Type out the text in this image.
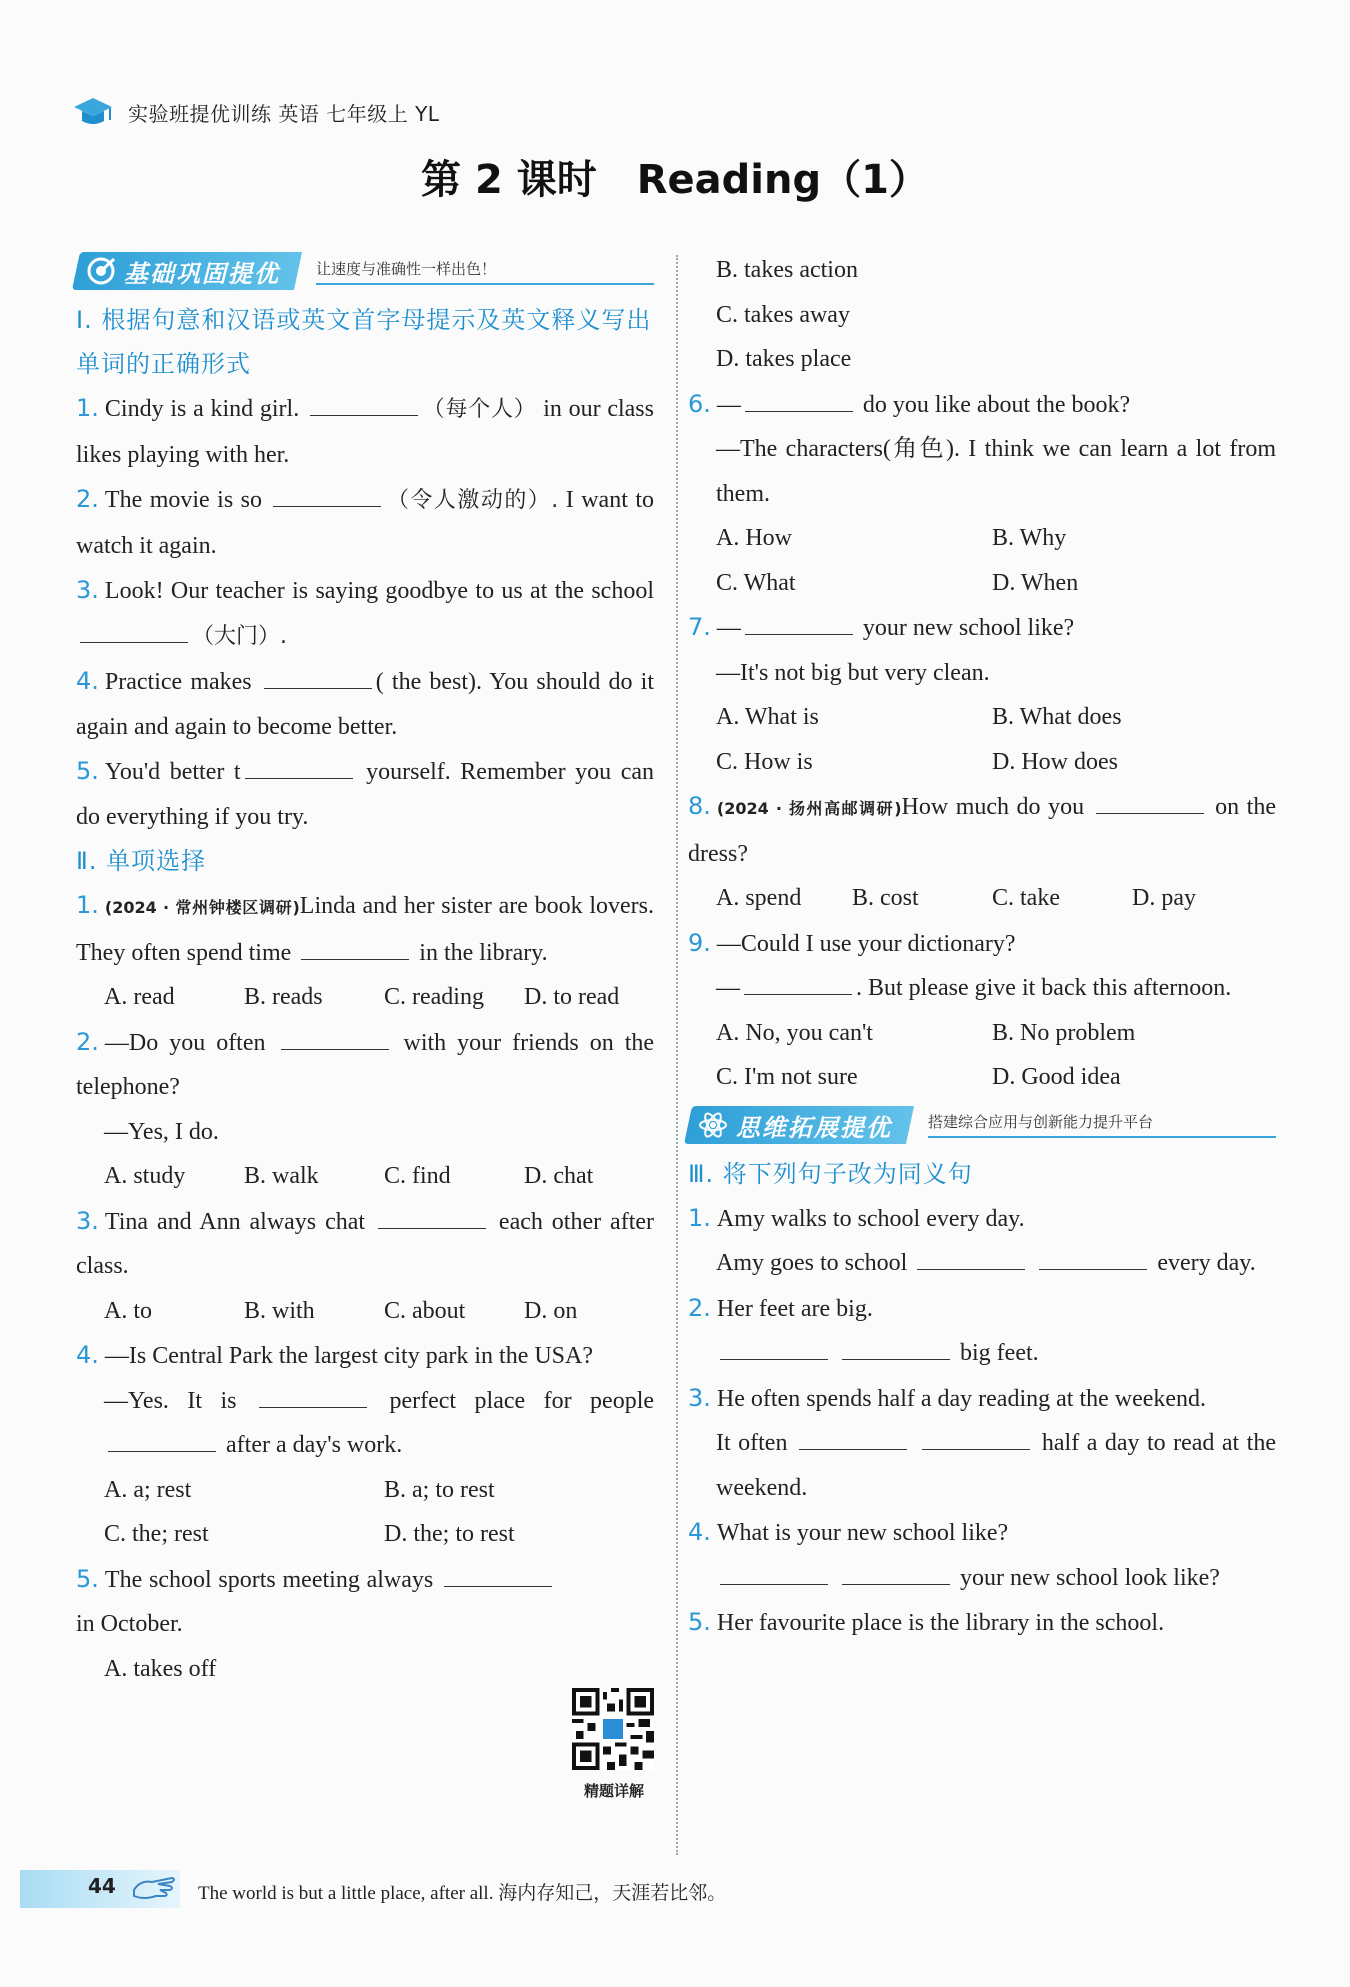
实验班提优训练 英语 七年级上 YL
第 2 课时　Reading（1）
基础巩固提优 让速度与准确性一样出色！
Ⅰ. 根据句意和汉语或英文首字母提示及英文释义写出单词的正确形式
1. Cindy is a kind girl.	（每个人） in our class likes playing with her.
2. The movie is so	（令人激动的）. I want to watch it again.
3. Look! Our teacher is saying goodbye to us at the school （大门）.
4. Practice makes	( the best). You should do it again and again to become better.
5. You'd better t	yourself. Remember you can do everything if you try.
Ⅱ. 单项选择
1. (2024 · 常州钟楼区调研)Linda and her sister are book lovers. They often spend time	in the library.
A. read	B. reads	C. reading	D. to read
2. —Do you often	with your friends on the telephone?
—Yes, I do.
A. study	B. walk	C. find	D. chat
3. Tina and Ann always chat	each other after class.
A. to	B. with	C. about	D. on
4. —Is Central Park the largest city park in the USA?
—Yes. It is	perfect place for people  after a day's work.
A. a; rest	B. a; to rest
C. the; rest	D. the; to rest
5. The school sports meeting always  in October.
A. takes off
精题详解
B. takes action
C. takes away
D. takes place
6. —	do you like about the book?
—The characters(角色). I think we can learn a lot from them.
A. How	B. Why
C. What	D. When
7. —	your new school like?
—It's not big but very clean.
A. What is	B. What does
C. How is	D. How does
8. (2024 · 扬州高邮调研)How much do you	on the dress?
A. spend	B. cost	C. take	D. pay
9. —Could I use your dictionary?
—	. But please give it back this afternoon.
A. No, you can't	B. No problem
C. I'm not sure	D. Good idea
思维拓展提优 搭建综合应用与创新能力提升平台
Ⅲ. 将下列句子改为同义句
1. Amy walks to school every day.
Amy goes to school	every day.
2. Her feet are big.
big feet.
3. He often spends half a day reading at the weekend.
It often	half a day to read at the weekend.
4. What is your new school like?
your new school look like?
5. Her favourite place is the library in the school.
44	The world is but a little place, after all. 海内存知己，天涯若比邻。
